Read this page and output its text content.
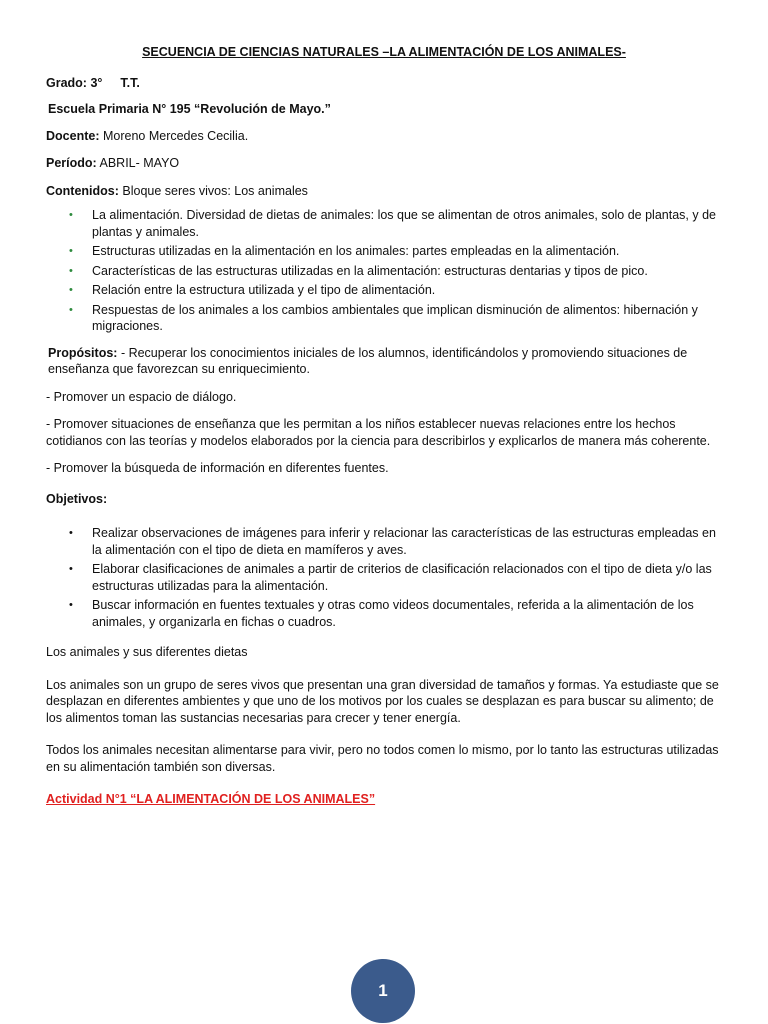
SECUENCIA DE CIENCIAS NATURALES –LA ALIMENTACIÓN DE LOS ANIMALES-

Grado: 3° T.T.

Escuela Primaria N° 195 “Revolución de Mayo.”

Docente: Moreno Mercedes Cecilia.

Período: ABRIL- MAYO

Contenidos: Bloque seres vivos: Los animales

• La alimentación. Diversidad de dietas de animales: los que se alimentan de otros animales, solo de plantas, y de plantas y animales.
• Estructuras utilizadas en la alimentación en los animales: partes empleadas en la alimentación.
• Características de las estructuras utilizadas en la alimentación: estructuras dentarias y tipos de pico.
• Relación entre la estructura utilizada y el tipo de alimentación.
• Respuestas de los animales a los cambios ambientales que implican disminución de alimentos: hibernación y migraciones.

Propósitos: - Recuperar los conocimientos iniciales de los alumnos, identificándolos y promoviendo situaciones de enseñanza que favorezcan su enriquecimiento.

- Promover un espacio de diálogo.

- Promover situaciones de enseñanza que les permitan a los niños establecer nuevas relaciones entre los hechos cotidianos con las teorías y modelos elaborados por la ciencia para describirlos y explicarlos de manera más coherente.

- Promover la búsqueda de información en diferentes fuentes.

Objetivos:

• Realizar observaciones de imágenes para inferir y relacionar las características de las estructuras empleadas en la alimentación con el tipo de dieta en mamíferos y aves.
• Elaborar clasificaciones de animales a partir de criterios de clasificación relacionados con el tipo de dieta y/o las estructuras utilizadas para la alimentación.
• Buscar información en fuentes textuales y otras como videos documentales, referida a la alimentación de los animales, y organizarla en fichas o cuadros.

Los animales y sus diferentes dietas

Los animales son un grupo de seres vivos que presentan una gran diversidad de tamaños y formas. Ya estudiaste que se desplazan en diferentes ambientes y que uno de los motivos por los cuales se desplazan es para buscar su alimento; de los alimentos toman las sustancias necesarias para crecer y tener energía.

Todos los animales necesitan alimentarse para vivir, pero no todos comen lo mismo, por lo tanto las estructuras utilizadas en su alimentación también son diversas.

Actividad N°1 “LA ALIMENTACIÓN DE LOS ANIMALES”

1
